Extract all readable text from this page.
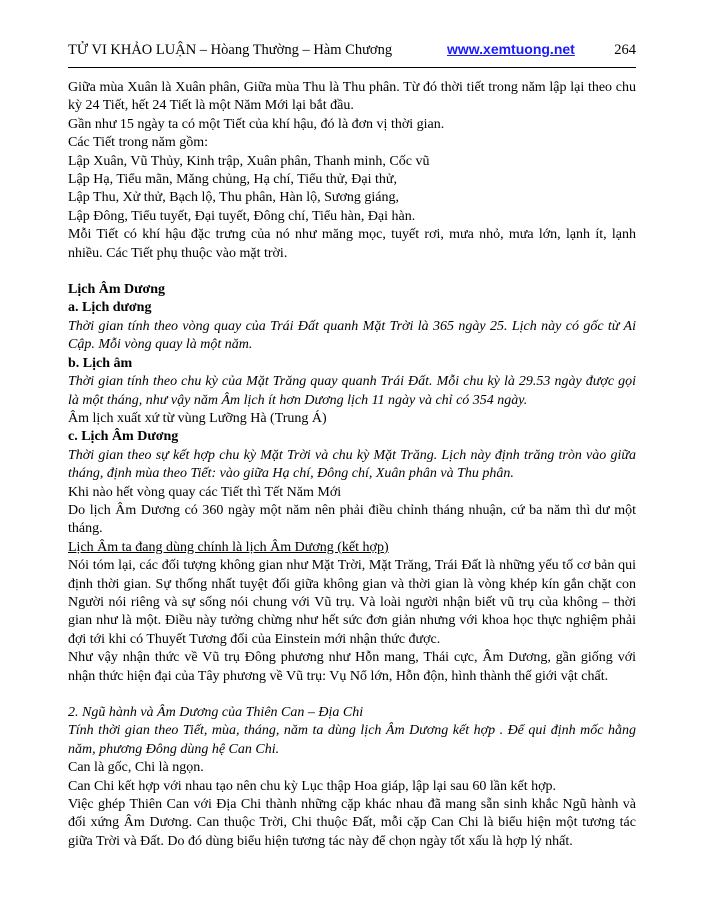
TỬ VI KHẢO LUẬN – Hòang Thường – Hàm Chương	www.xemtuong.net	264

Giữa mùa Xuân là Xuân phân, Giữa mùa Thu là Thu phân. Từ đó thời tiết trong năm lập lại theo chu kỳ 24 Tiết, hết 24 Tiết là một Năm Mới lại bắt đầu.

Gần như 15 ngày ta có một Tiết của khí hậu, đó là đơn vị thời gian.

Các Tiết trong năm gồm:

Lập Xuân, Vũ Thủy, Kinh trập, Xuân phân, Thanh minh, Cốc vũ

Lập Hạ, Tiểu mãn, Măng chủng, Hạ chí, Tiểu thử, Đại thử,

Lập Thu, Xử thử, Bạch lộ, Thu phân, Hàn lộ, Sương giáng,

Lập Đông, Tiểu tuyết, Đại tuyết, Đông chí, Tiểu hàn, Đại hàn.

Mỗi Tiết có khí hậu đặc trưng của nó như măng mọc, tuyết rơi, mưa nhỏ, mưa lớn, lạnh ít, lạnh nhiều. Các Tiết phụ thuộc vào mặt trời.

Lịch Âm Dương

a. Lịch dương

Thời gian tính theo vòng quay của Trái Đất quanh Mặt Trời là 365 ngày 25. Lịch này có gốc từ Ai Cập. Mỗi vòng quay là một năm.

b. Lịch âm

Thời gian tính theo chu kỳ của Mặt Trăng quay quanh Trái Đất. Mỗi chu kỳ là 29.53 ngày được gọi là một tháng, như vậy năm Âm lịch ít hơn Dương lịch 11 ngày và chỉ có 354 ngày.

Âm lịch xuất xứ từ vùng Lưỡng Hà (Trung Á)

c. Lịch Âm Dương

Thời gian theo sự kết hợp chu kỳ Mặt Trời và chu kỳ Mặt Trăng. Lịch này định trăng tròn vào giữa tháng, định mùa theo Tiết: vào giữa Hạ chí, Đông chí, Xuân phân và Thu phân.

Khi nào hết vòng quay các Tiết thì Tết Năm Mới

Do lịch Âm Dương có 360 ngày một năm nên phải điều chỉnh tháng nhuận, cứ ba năm thì dư một tháng.

Lịch Âm ta đang dùng chính là lịch Âm Dương (kết hợp)

Nói tóm lại, các đối tượng không gian như Mặt Trời, Mặt Trăng, Trái Đất là những yếu tố cơ bản qui định thời gian. Sự thống nhất tuyệt đối giữa không gian và thời gian là vòng khép kín gắn chặt con Người nói riêng và sự sống nói chung với Vũ trụ. Và loài người nhận biết vũ trụ của không – thời gian như là một. Điều này tưởng chừng như hết sức đơn giản nhưng với khoa học thực nghiệm phải đợi tới khi có Thuyết Tương đối của Einstein mới nhận thức được.

Như vậy nhận thức về Vũ trụ Đông phương như Hỗn mang, Thái cực, Âm Dương, gần giống với nhận thức hiện đại của Tây phương về Vũ trụ: Vụ Nổ lớn, Hỗn độn, hình thành thế giới vật chất.

2. Ngũ hành và Âm Dương của Thiên Can – Địa Chi

Tính thời gian theo Tiết, mùa, tháng, năm ta dùng lịch Âm Dương kết hợp . Để qui định mốc hằng năm, phương Đông dùng hệ Can Chi.

Can là gốc, Chi là ngọn.

Can Chi kết hợp với nhau tạo nên chu kỳ Lục thập Hoa giáp, lập lại sau 60 lần kết hợp.

Việc ghép Thiên Can với Địa Chi thành những cặp khác nhau đã mang sẵn sinh khắc Ngũ hành và đối xứng Âm Dương. Can thuộc Trời, Chi thuộc Đất, mỗi cặp Can Chi là biểu hiện một tương tác giữa Trời và Đất. Do đó dùng biểu hiện tương tác này để chọn ngày tốt xấu là hợp lý nhất.
